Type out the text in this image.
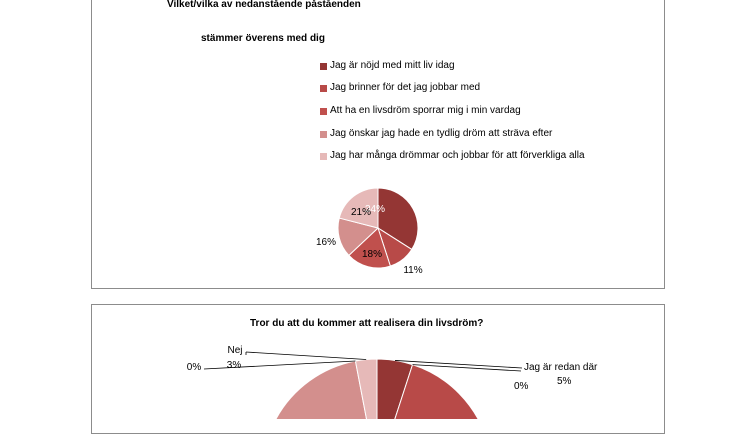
Vilket/vilka av nedanstående påståenden
stämmer överens med dig
Jag är nöjd med mitt liv idag
Jag brinner för det jag jobbar med
Att ha en livsdröm sporrar mig i min vardag
Jag önskar jag hade en tydlig dröm att sträva efter
Jag har många drömmar och jobbar för att förverkliga alla
Tror du att du kommer att realisera din livsdröm?
34%
11%
18%
16%
21%
Jag är redan där
5%
0%
Nej
3%
0%
